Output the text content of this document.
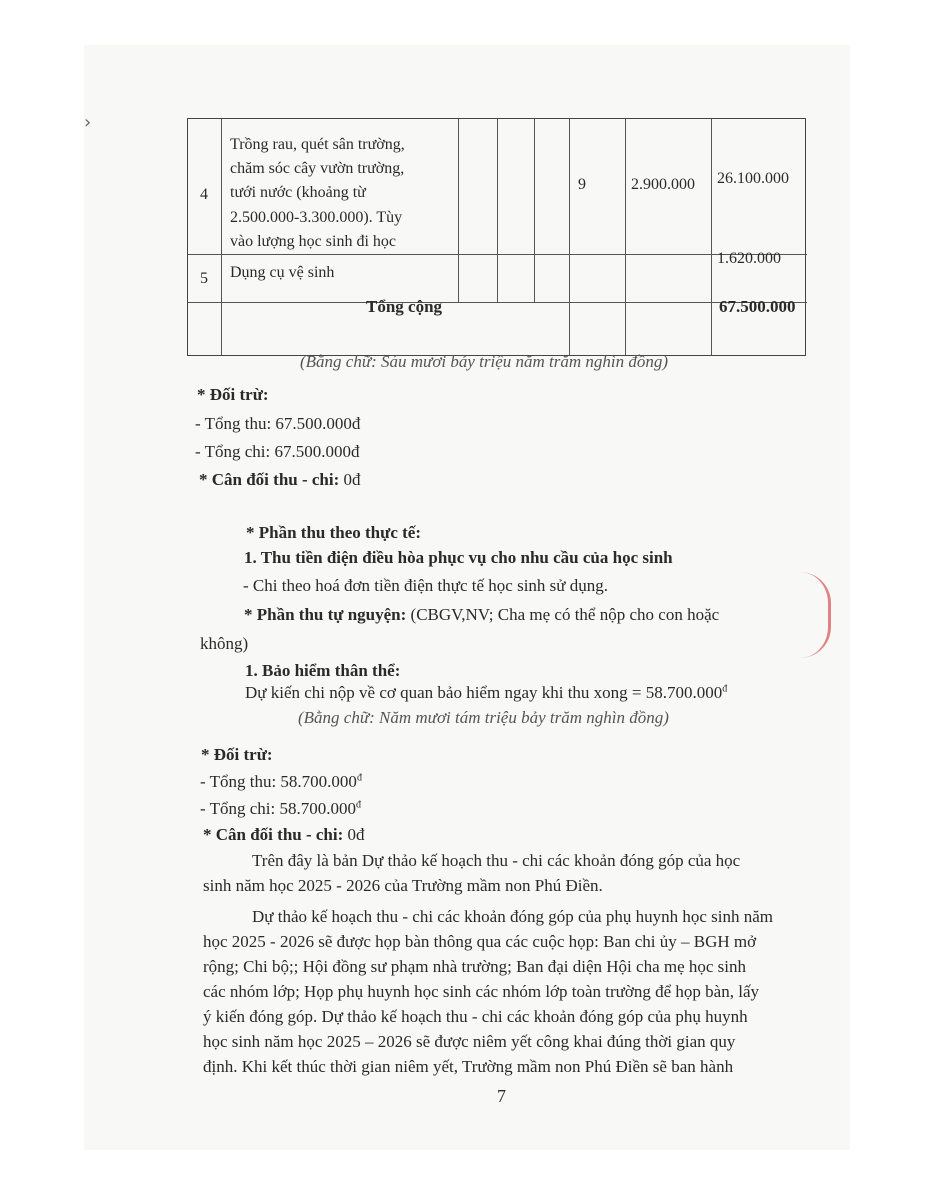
›
4
Trồng rau, quét sân trường,
chăm sóc cây vườn trường,
tưới nước (khoảng từ
2.500.000-3.300.000). Tùy
vào lượng học sinh đi học
9	2.900.000 26.100.000
5 Dụng cụ vệ sinh
1.620.000
Tổng cộng	67.500.000
(Bằng chữ: Sáu mươi bảy triệu năm trăm nghìn đồng)
* Đối trừ:
- Tổng thu: 67.500.000đ
- Tổng chi: 67.500.000đ
* Cân đối thu - chi: 0đ
* Phần thu theo thực tế:
1. Thu tiền điện điều hòa phục vụ cho nhu cầu của học sinh
- Chi theo hoá đơn tiền điện thực tế học sinh sử dụng.
* Phần thu tự nguyện: (CBGV,NV; Cha mẹ có thể nộp cho con hoặc
không)
1. Bảo hiểm thân thể:
Dự kiến chi nộp về cơ quan bảo hiểm ngay khi thu xong = $58.700.000^đ$
(Bằng chữ: Năm mươi tám triệu bảy trăm nghìn đồng)
* Đối trừ:
- Tổng thu: $58.700.000^đ$
- Tổng chi: $58.700.000^đ$
* Cân đối thu - chi: 0đ
Trên đây là bản Dự thảo kế hoạch thu - chi các khoản đóng góp của học
sinh năm học 2025 - 2026 của Trường mầm non Phú Điền.
Dự thảo kế hoạch thu - chi các khoản đóng góp của phụ huynh học sinh năm
học 2025 - 2026 sẽ được họp bàn thông qua các cuộc họp: Ban chi ủy – BGH mở
rộng; Chi bộ;; Hội đồng sư phạm nhà trường; Ban đại diện Hội cha mẹ học sinh
các nhóm lớp; Họp phụ huynh học sinh các nhóm lớp toàn trường để họp bàn, lấy
ý kiến đóng góp. Dự thảo kế hoạch thu - chi các khoản đóng góp của phụ huynh
học sinh năm học 2025 – 2026 sẽ được niêm yết công khai đúng thời gian quy
định. Khi kết thúc thời gian niêm yết, Trường mầm non Phú Điền sẽ ban hành
7
